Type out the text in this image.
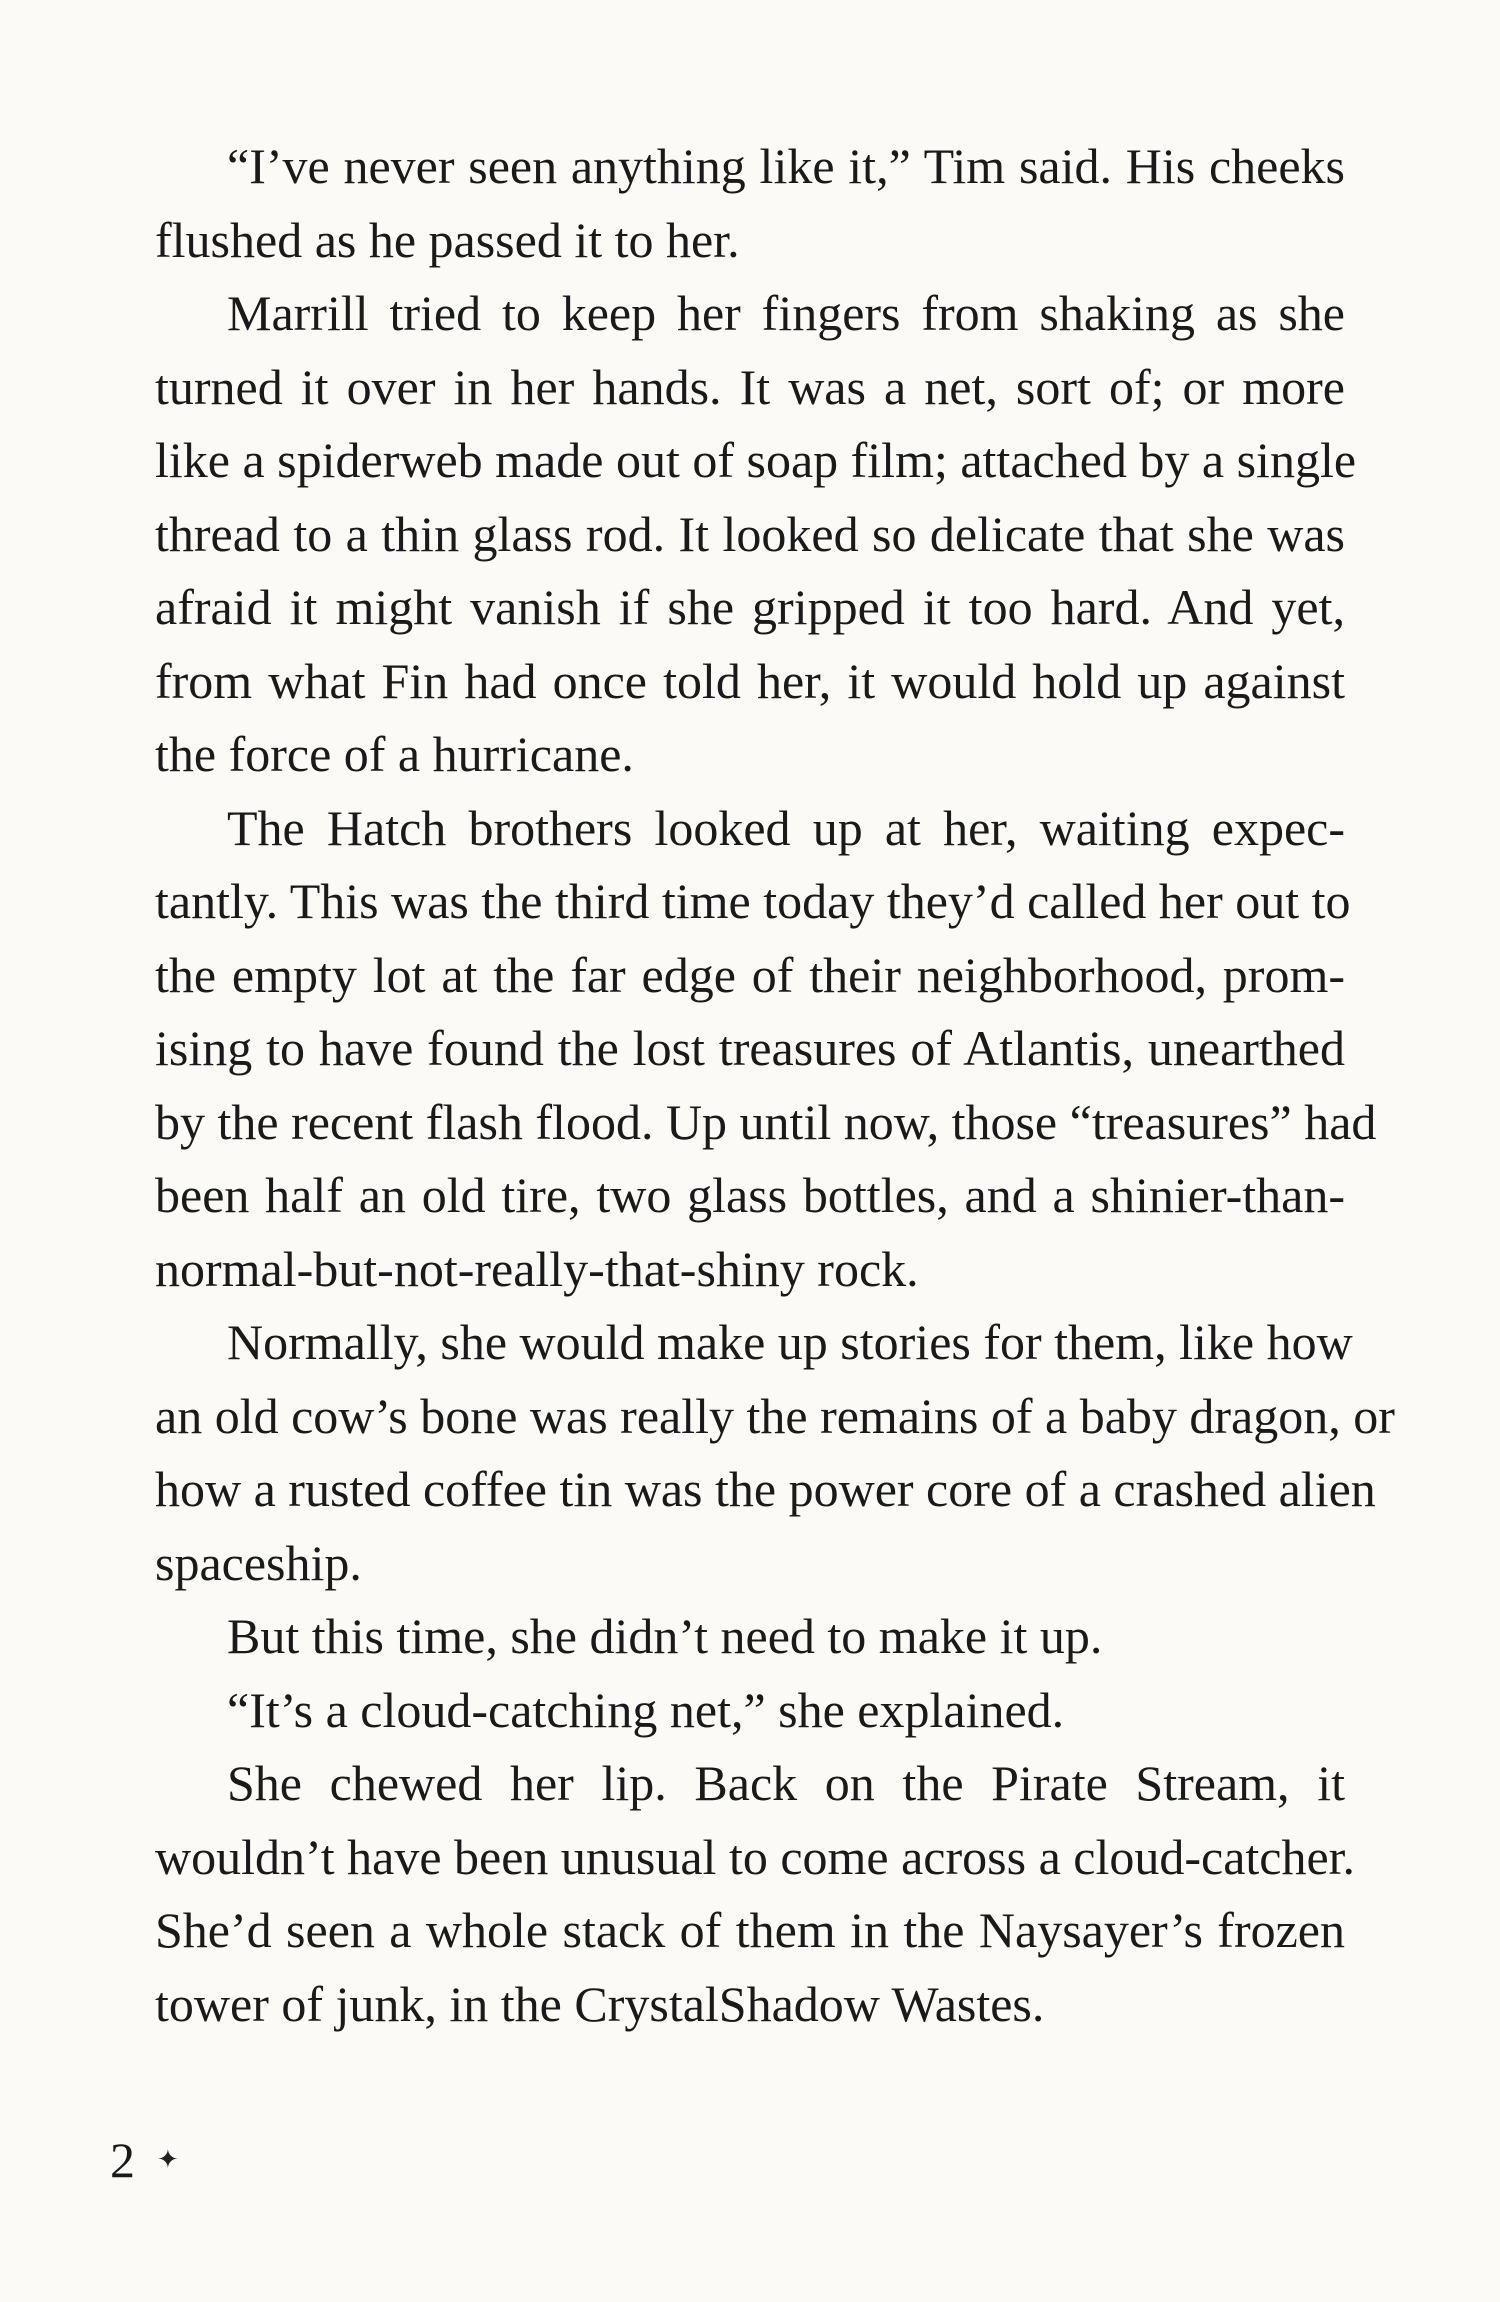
“I’ve never seen anything like it,” Tim said. His cheeks
flushed as he passed it to her.
Marrill tried to keep her fingers from shaking as she
turned it over in her hands. It was a net, sort of; or more
like a spiderweb made out of soap film; attached by a single
thread to a thin glass rod. It looked so delicate that she was
afraid it might vanish if she gripped it too hard. And yet,
from what Fin had once told her, it would hold up against
the force of a hurricane.
The Hatch brothers looked up at her, waiting expec-
tantly. This was the third time today they’d called her out to
the empty lot at the far edge of their neighborhood, prom-
ising to have found the lost treasures of Atlantis, unearthed
by the recent flash flood. Up until now, those “treasures” had
been half an old tire, two glass bottles, and a shinier-than-
normal-but-not-really-that-shiny rock.
Normally, she would make up stories for them, like how
an old cow’s bone was really the remains of a baby dragon, or
how a rusted coffee tin was the power core of a crashed alien
spaceship.
But this time, she didn’t need to make it up.
“It’s a cloud-catching net,” she explained.
She chewed her lip. Back on the Pirate Stream, it
wouldn’t have been unusual to come across a cloud-catcher.
She’d seen a whole stack of them in the Naysayer’s frozen
tower of junk, in the CrystalShadow Wastes.
2 ✦
